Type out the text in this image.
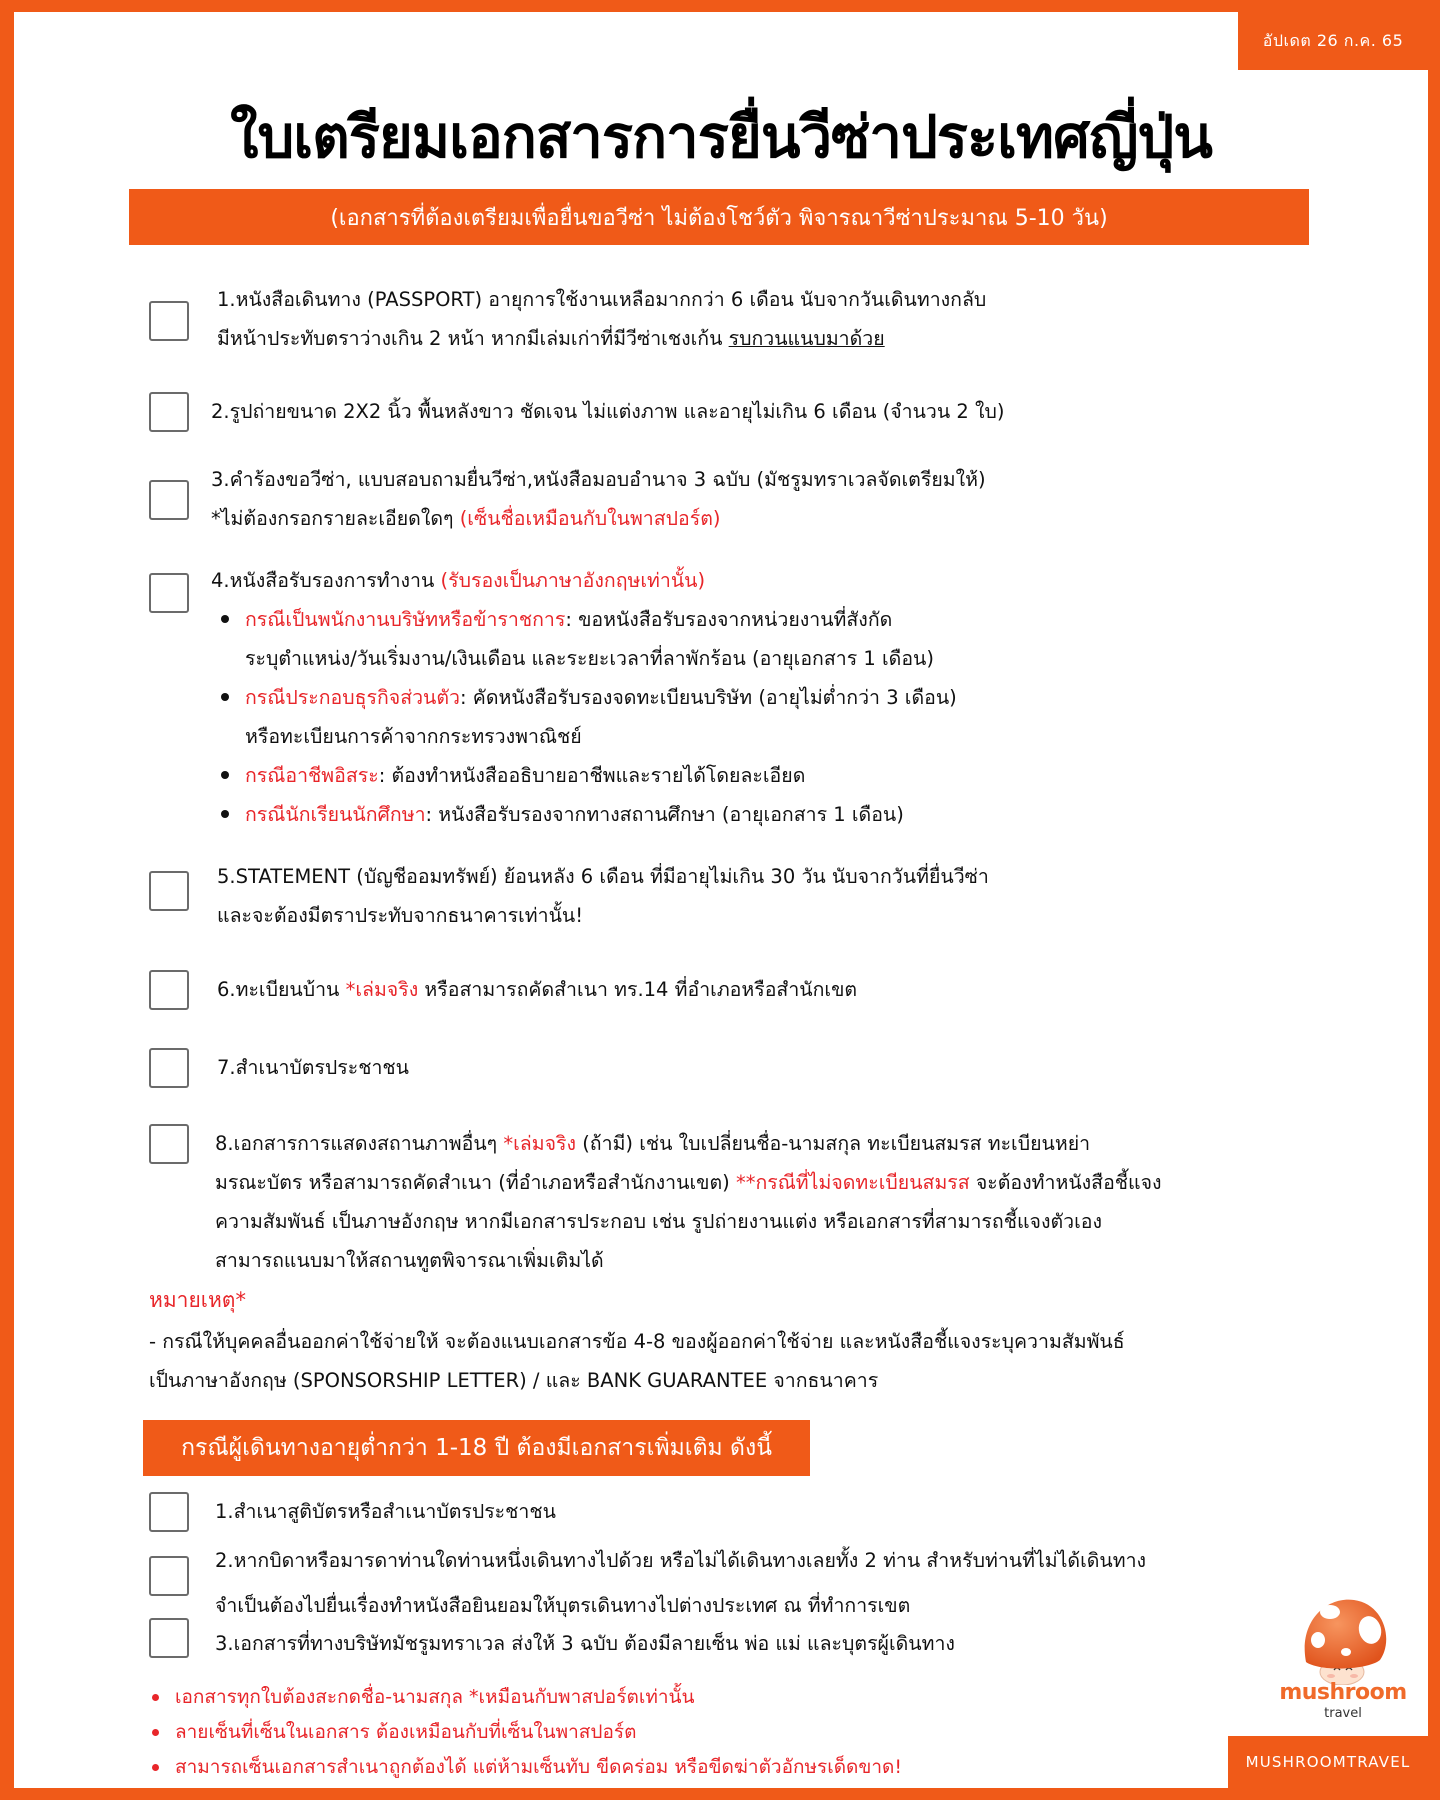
อัปเดต 26 ก.ค. 65
ใบเตรียมเอกสารการยื่นวีซ่าประเทศญี่ปุ่น
(เอกสารที่ต้องเตรียมเพื่อยื่นขอวีซ่า ไม่ต้องโชว์ตัว พิจารณาวีซ่าประมาณ 5-10 วัน)
1.หนังสือเดินทาง (PASSPORT) อายุการใช้งานเหลือมากกว่า 6 เดือน นับจากวันเดินทางกลับ
มีหน้าประทับตราว่างเกิน 2 หน้า หากมีเล่มเก่าที่มีวีซ่าเชงเก้น รบกวนแนบมาด้วย
2.รูปถ่ายขนาด 2X2 นิ้ว พื้นหลังขาว ชัดเจน ไม่แต่งภาพ และอายุไม่เกิน 6 เดือน (จำนวน 2 ใบ)
3.คำร้องขอวีซ่า, แบบสอบถามยื่นวีซ่า,หนังสือมอบอำนาจ 3 ฉบับ (มัชรูมทราเวลจัดเตรียมให้)
*ไม่ต้องกรอกรายละเอียดใดๆ (เซ็นชื่อเหมือนกับในพาสปอร์ต)
4.หนังสือรับรองการทำงาน (รับรองเป็นภาษาอังกฤษเท่านั้น)
กรณีเป็นพนักงานบริษัทหรือข้าราชการ: ขอหนังสือรับรองจากหน่วยงานที่สังกัด
ระบุตำแหน่ง/วันเริ่มงาน/เงินเดือน และระยะเวลาที่ลาพักร้อน (อายุเอกสาร 1 เดือน)
กรณีประกอบธุรกิจส่วนตัว: คัดหนังสือรับรองจดทะเบียนบริษัท (อายุไม่ต่ำกว่า 3 เดือน)
หรือทะเบียนการค้าจากกระทรวงพาณิชย์
กรณีอาชีพอิสระ: ต้องทำหนังสืออธิบายอาชีพและรายได้โดยละเอียด
กรณีนักเรียนนักศึกษา: หนังสือรับรองจากทางสถานศึกษา (อายุเอกสาร 1 เดือน)
5.STATEMENT (บัญชีออมทรัพย์) ย้อนหลัง 6 เดือน ที่มีอายุไม่เกิน 30 วัน นับจากวันที่ยื่นวีซ่า
และจะต้องมีตราประทับจากธนาคารเท่านั้น!
6.ทะเบียนบ้าน *เล่มจริง หรือสามารถคัดสำเนา ทร.14 ที่อำเภอหรือสำนักเขต
7.สำเนาบัตรประชาชน
8.เอกสารการแสดงสถานภาพอื่นๆ *เล่มจริง (ถ้ามี) เช่น ใบเปลี่ยนชื่อ-นามสกุล ทะเบียนสมรส ทะเบียนหย่า
มรณะบัตร หรือสามารถคัดสำเนา (ที่อำเภอหรือสำนักงานเขต) **กรณีที่ไม่จดทะเบียนสมรส จะต้องทำหนังสือชี้แจง
ความสัมพันธ์ เป็นภาษอังกฤษ หากมีเอกสารประกอบ เช่น รูปถ่ายงานแต่ง หรือเอกสารที่สามารถชี้แจงตัวเอง
สามารถแนบมาให้สถานทูตพิจารณาเพิ่มเติมได้
หมายเหตุ*
- กรณีให้บุคคลอื่นออกค่าใช้จ่ายให้ จะต้องแนบเอกสารข้อ 4-8 ของผู้ออกค่าใช้จ่าย และหนังสือชี้แจงระบุความสัมพันธ์
เป็นภาษาอังกฤษ (SPONSORSHIP LETTER) / และ BANK GUARANTEE จากธนาคาร
กรณีผู้เดินทางอายุต่ำกว่า 1-18 ปี ต้องมีเอกสารเพิ่มเติม ดังนี้
1.สำเนาสูติบัตรหรือสำเนาบัตรประชาชน
2.หากบิดาหรือมารดาท่านใดท่านหนึ่งเดินทางไปด้วย หรือไม่ได้เดินทางเลยทั้ง 2 ท่าน สำหรับท่านที่ไม่ได้เดินทาง
จำเป็นต้องไปยื่นเรื่องทำหนังสือยินยอมให้บุตรเดินทางไปต่างประเทศ ณ ที่ทำการเขต
3.เอกสารที่ทางบริษัทมัชรูมทราเวล ส่งให้ 3 ฉบับ ต้องมีลายเซ็น พ่อ แม่ และบุตรผู้เดินทาง
เอกสารทุกใบต้องสะกดชื่อ-นามสกุล *เหมือนกับพาสปอร์ตเท่านั้น
ลายเซ็นที่เซ็นในเอกสาร ต้องเหมือนกับที่เซ็นในพาสปอร์ต
สามารถเซ็นเอกสารสำเนาถูกต้องได้ แต่ห้ามเซ็นทับ ขีดคร่อม หรือขีดฆ่าตัวอักษรเด็ดขาด!
mushroom
travel
MUSHROOMTRAVEL
